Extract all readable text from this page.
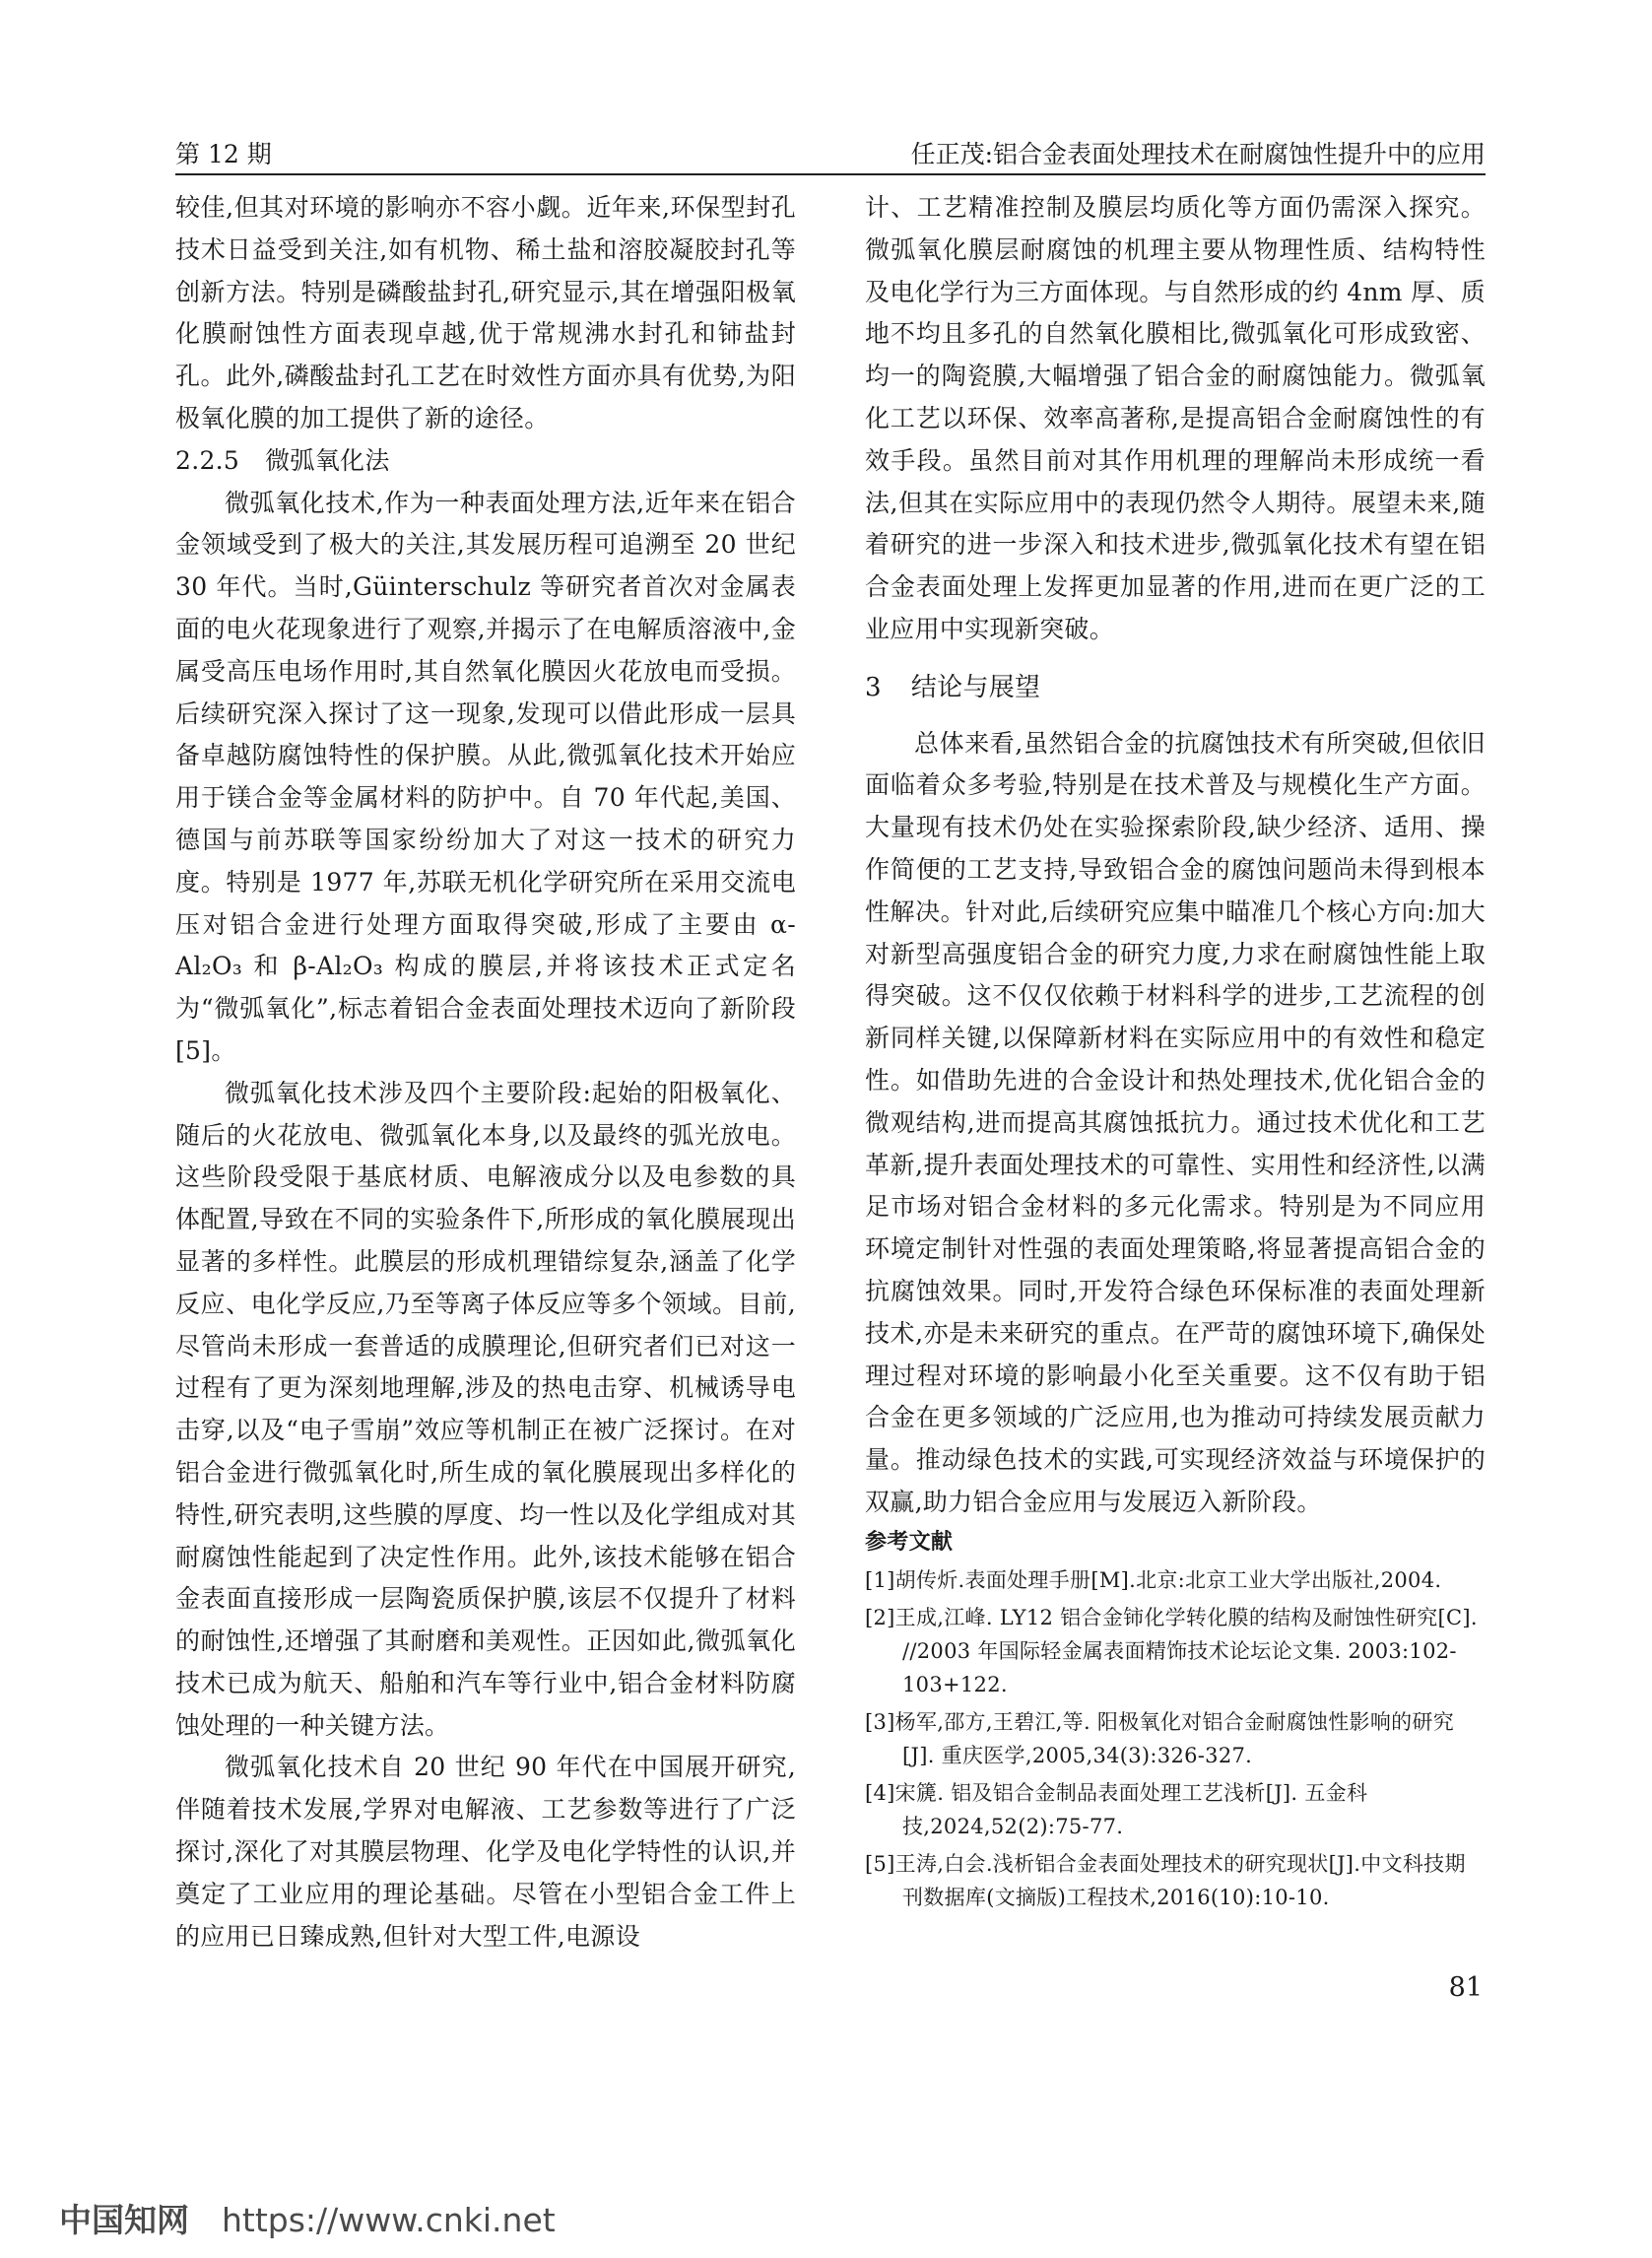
第 12 期	任正茂:铝合金表面处理技术在耐腐蚀性提升中的应用

较佳,但其对环境的影响亦不容小觑。近年来,环保型封孔技术日益受到关注,如有机物、稀土盐和溶胶凝胶封孔等创新方法。特别是磷酸盐封孔,研究显示,其在增强阳极氧化膜耐蚀性方面表现卓越,优于常规沸水封孔和铈盐封孔。此外,磷酸盐封孔工艺在时效性方面亦具有优势,为阳极氧化膜的加工提供了新的途径。

2.2.5 微弧氧化法

微弧氧化技术,作为一种表面处理方法,近年来在铝合金领域受到了极大的关注,其发展历程可追溯至 20 世纪 30 年代。当时,Güinterschulz 等研究者首次对金属表面的电火花现象进行了观察,并揭示了在电解质溶液中,金属受高压电场作用时,其自然氧化膜因火花放电而受损。后续研究深入探讨了这一现象,发现可以借此形成一层具备卓越防腐蚀特性的保护膜。从此,微弧氧化技术开始应用于镁合金等金属材料的防护中。自 70 年代起,美国、德国与前苏联等国家纷纷加大了对这一技术的研究力度。特别是 1977 年,苏联无机化学研究所在采用交流电压对铝合金进行处理方面取得突破,形成了主要由 α-Al₂O₃ 和 β-Al₂O₃ 构成的膜层,并将该技术正式定名为“微弧氧化”,标志着铝合金表面处理技术迈向了新阶段[5]。

微弧氧化技术涉及四个主要阶段:起始的阳极氧化、随后的火花放电、微弧氧化本身,以及最终的弧光放电。这些阶段受限于基底材质、电解液成分以及电参数的具体配置,导致在不同的实验条件下,所形成的氧化膜展现出显著的多样性。此膜层的形成机理错综复杂,涵盖了化学反应、电化学反应,乃至等离子体反应等多个领域。目前,尽管尚未形成一套普适的成膜理论,但研究者们已对这一过程有了更为深刻地理解,涉及的热电击穿、机械诱导电击穿,以及“电子雪崩”效应等机制正在被广泛探讨。在对铝合金进行微弧氧化时,所生成的氧化膜展现出多样化的特性,研究表明,这些膜的厚度、均一性以及化学组成对其耐腐蚀性能起到了决定性作用。此外,该技术能够在铝合金表面直接形成一层陶瓷质保护膜,该层不仅提升了材料的耐蚀性,还增强了其耐磨和美观性。正因如此,微弧氧化技术已成为航天、船舶和汽车等行业中,铝合金材料防腐蚀处理的一种关键方法。

微弧氧化技术自 20 世纪 90 年代在中国展开研究,伴随着技术发展,学界对电解液、工艺参数等进行了广泛探讨,深化了对其膜层物理、化学及电化学特性的认识,并奠定了工业应用的理论基础。尽管在小型铝合金工件上的应用已日臻成熟,但针对大型工件,电源设

计、工艺精准控制及膜层均质化等方面仍需深入探究。微弧氧化膜层耐腐蚀的机理主要从物理性质、结构特性及电化学行为三方面体现。与自然形成的约 4nm 厚、质地不均且多孔的自然氧化膜相比,微弧氧化可形成致密、均一的陶瓷膜,大幅增强了铝合金的耐腐蚀能力。微弧氧化工艺以环保、效率高著称,是提高铝合金耐腐蚀性的有效手段。虽然目前对其作用机理的理解尚未形成统一看法,但其在实际应用中的表现仍然令人期待。展望未来,随着研究的进一步深入和技术进步,微弧氧化技术有望在铝合金表面处理上发挥更加显著的作用,进而在更广泛的工业应用中实现新突破。

3 结论与展望

总体来看,虽然铝合金的抗腐蚀技术有所突破,但依旧面临着众多考验,特别是在技术普及与规模化生产方面。大量现有技术仍处在实验探索阶段,缺少经济、适用、操作简便的工艺支持,导致铝合金的腐蚀问题尚未得到根本性解决。针对此,后续研究应集中瞄准几个核心方向:加大对新型高强度铝合金的研究力度,力求在耐腐蚀性能上取得突破。这不仅仅依赖于材料科学的进步,工艺流程的创新同样关键,以保障新材料在实际应用中的有效性和稳定性。如借助先进的合金设计和热处理技术,优化铝合金的微观结构,进而提高其腐蚀抵抗力。通过技术优化和工艺革新,提升表面处理技术的可靠性、实用性和经济性,以满足市场对铝合金材料的多元化需求。特别是为不同应用环境定制针对性强的表面处理策略,将显著提高铝合金的抗腐蚀效果。同时,开发符合绿色环保标准的表面处理新技术,亦是未来研究的重点。在严苛的腐蚀环境下,确保处理过程对环境的影响最小化至关重要。这不仅有助于铝合金在更多领域的广泛应用,也为推动可持续发展贡献力量。推动绿色技术的实践,可实现经济效益与环境保护的双赢,助力铝合金应用与发展迈入新阶段。

参考文献
[1]胡传炘.表面处理手册[M].北京:北京工业大学出版社,2004.
[2]王成,江峰. LY12 铝合金铈化学转化膜的结构及耐蚀性研究[C]. //2003 年国际轻金属表面精饰技术论坛论文集. 2003:102-103+122.
[3]杨军,邵方,王碧江,等. 阳极氧化对铝合金耐腐蚀性影响的研究[J]. 重庆医学,2005,34(3):326-327.
[4]宋篪. 铝及铝合金制品表面处理工艺浅析[J]. 五金科技,2024,52(2):75-77.
[5]王涛,白会.浅析铝合金表面处理技术的研究现状[J].中文科技期刊数据库(文摘版)工程技术,2016(10):10-10.
81
中国知网 https://www.cnki.net
